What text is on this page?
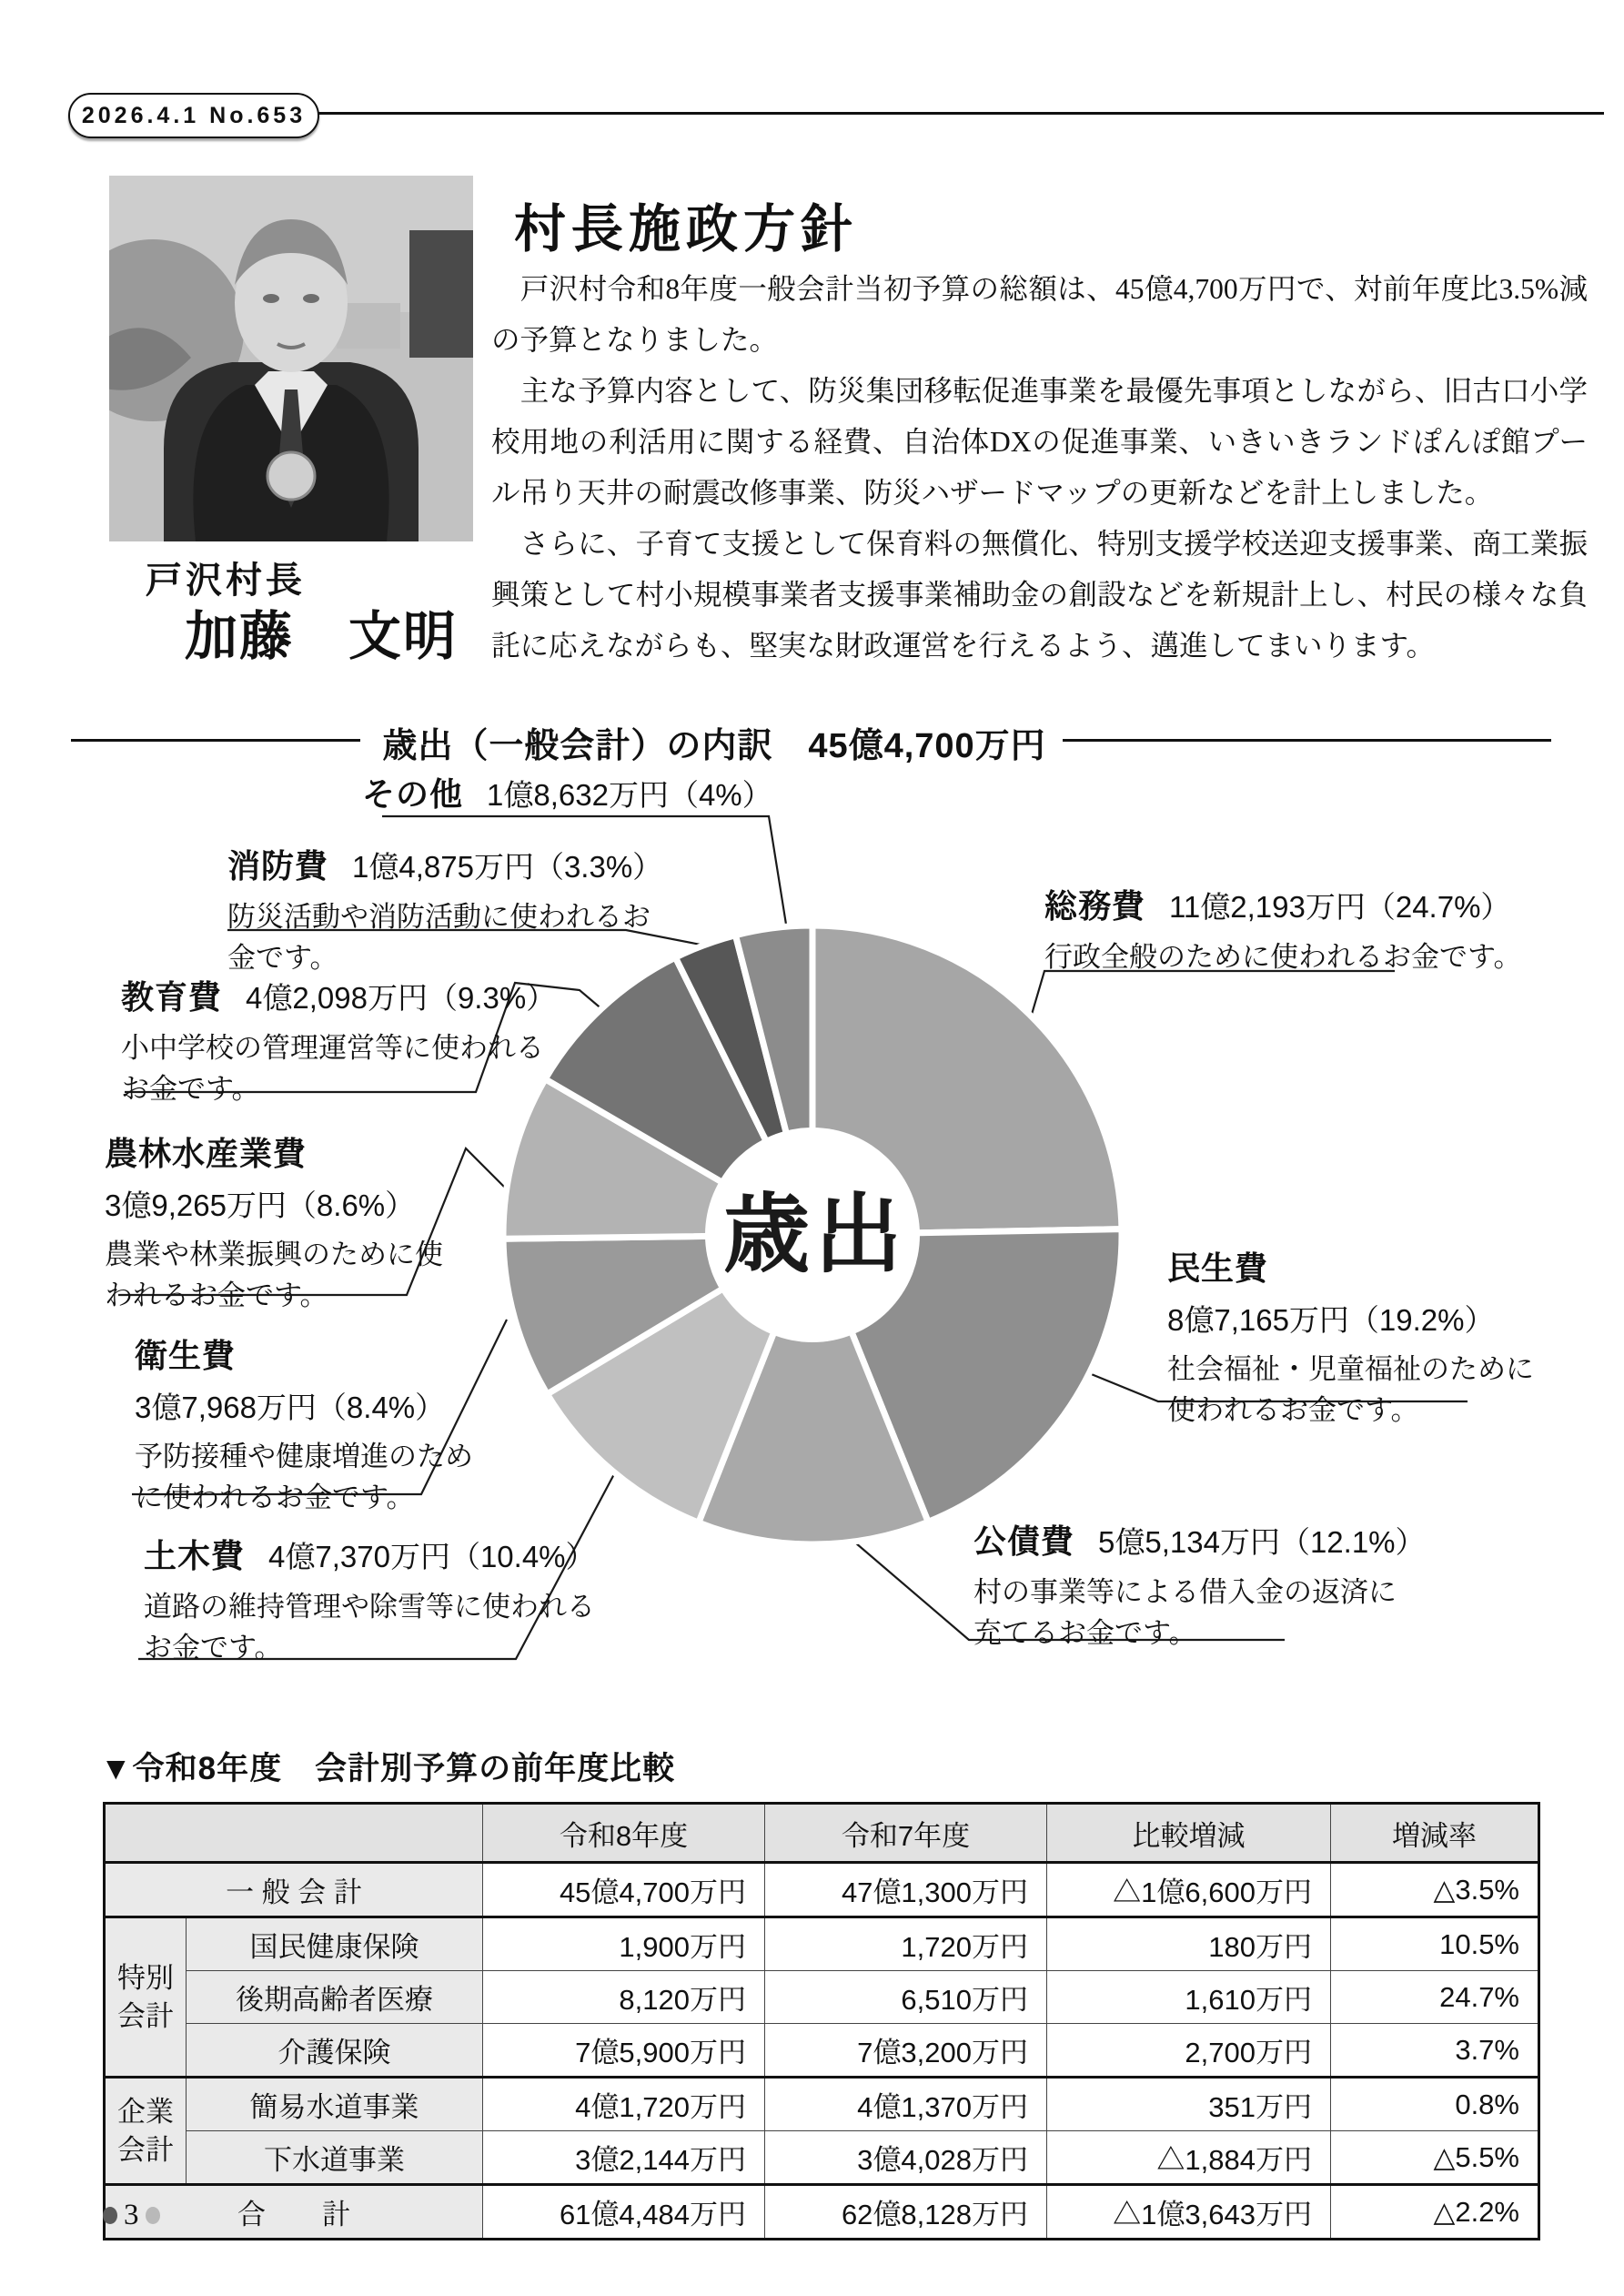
2026.4.1 No.653
戸沢村長
加藤　文明
村長施政方針

　戸沢村令和8年度一般会計当初予算の総額は、45億4,700万円で、対前年度比3.5%減の予算となりました。

　主な予算内容として、防災集団移転促進事業を最優先事項としながら、旧古口小学校用地の利活用に関する経費、自治体DXの促進事業、いきいきランドぽんぽ館プール吊り天井の耐震改修事業、防災ハザードマップの更新などを計上しました。

　さらに、子育て支援として保育料の無償化、特別支援学校送迎支援事業、商工業振興策として村小規模事業者支援事業補助金の創設などを新規計上し、村民の様々な負託に応えながらも、堅実な財政運営を行えるよう、邁進してまいります。

歳出（一般会計）の内訳　45億4,700万円
歳出
総務費 11億2,193万円（24.7%）
行政全般のために使われるお金です。
民生費
8億7,165万円（19.2%）
社会福祉・児童福祉のために使われるお金です。
公債費 5億5,134万円（12.1%）
村の事業等による借入金の返済に充てるお金です。
土木費 4億7,370万円（10.4%）
道路の維持管理や除雪等に使われるお金です。
衛生費
3億7,968万円（8.4%）
予防接種や健康増進のために使われるお金です。
農林水産業費
3億9,265万円（8.6%）
農業や林業振興のために使われるお金です。
教育費 4億2,098万円（9.3%）
小中学校の管理運営等に使われるお金です。
消防費 1億4,875万円（3.3%）
防災活動や消防活動に使われるお金です。
その他 1億8,632万円（4%）
▼令和8年度　会計別予算の前年度比較
		令和8年度	令和7年度	比較増減	増減率
一 般 会 計		45億4,700万円	47億1,300万円	△1億6,600万円	△3.5%
特別会計	国民健康保険	1,900万円	1,720万円	180万円	10.5%
	後期高齢者医療	8,120万円	6,510万円	1,610万円	24.7%
	介護保険	7億5,900万円	7億3,200万円	2,700万円	3.7%
企業会計	簡易水道事業	4億1,720万円	4億1,370万円	351万円	0.8%
	下水道事業	3億2,144万円	3億4,028万円	△1,884万円	△5.5%
合　　計		61億4,484万円	62億8,128万円	△1億3,643万円	△2.2%
3
